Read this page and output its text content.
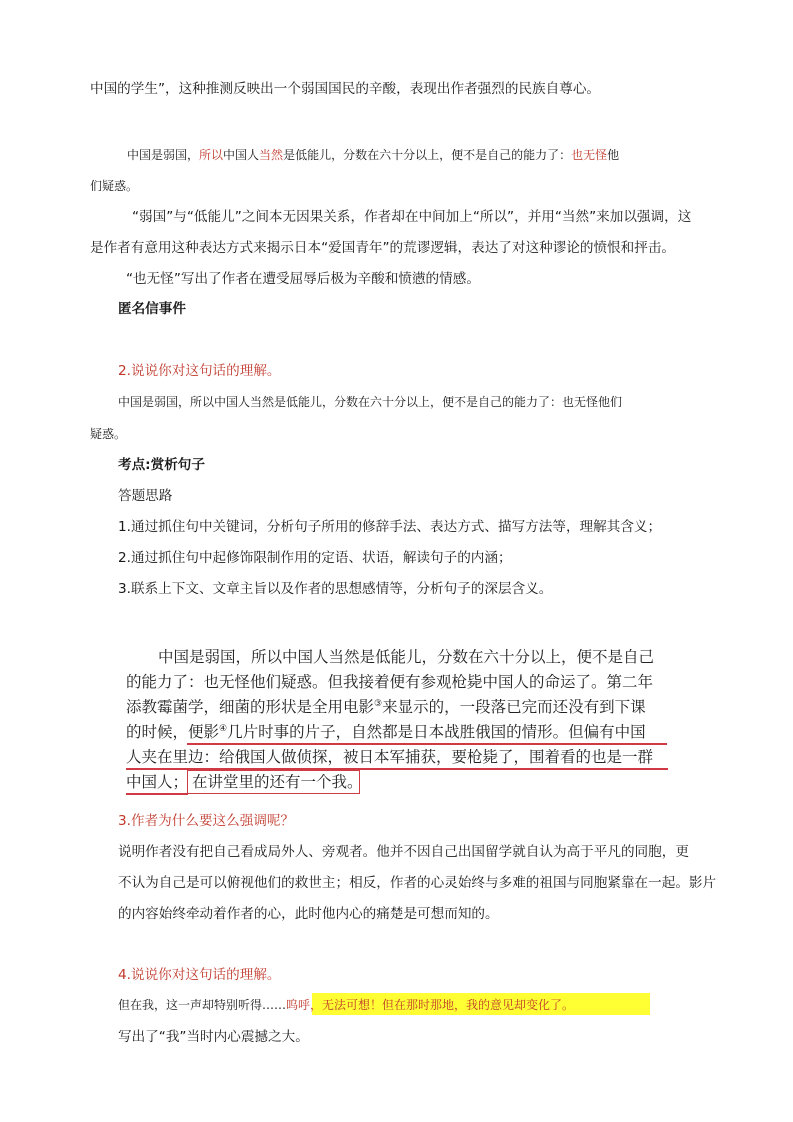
中国的学生”，这种推测反映出一个弱国国民的辛酸，表现出作者强烈的民族自尊心。
中国是弱国，所以中国人当然是低能儿，分数在六十分以上，便不是自己的能力了：也无怪他
们疑惑。
“弱国”与“低能儿”之间本无因果关系，作者却在中间加上“所以”，并用“当然”来加以强调，这
是作者有意用这种表达方式来揭示日本“爱国青年”的荒谬逻辑，表达了对这种谬论的愤恨和抨击。
“也无怪”写出了作者在遭受屈辱后极为辛酸和愤懑的情感。
匿名信事件
2.说说你对这句话的理解。
中国是弱国，所以中国人当然是低能儿，分数在六十分以上，便不是自己的能力了：也无怪他们
疑惑。
考点:赏析句子
答题思路
1.通过抓住句中关键词，分析句子所用的修辞手法、表达方式、描写方法等，理解其含义；
2.通过抓住句中起修饰限制作用的定语、状语，解读句子的内涵；
3.联系上下文、文章主旨以及作者的思想感情等，分析句子的深层含义。
中国是弱国，所以中国人当然是低能儿，分数在六十分以上，便不是自己
的能力了：也无怪他们疑惑。但我接着便有参观枪毙中国人的命运了。第二年
添教霉菌学，细菌的形状是全用电影③来显示的，一段落已完而还没有到下课
的时候，便影④几片时事的片子，自然都是日本战胜俄国的情形。但偏有中国
人夹在里边：给俄国人做侦探，被日本军捕获，要枪毙了，围着看的也是一群
中国人； 在讲堂里的还有一个我。
3.作者为什么要这么强调呢？
说明作者没有把自己看成局外人、旁观者。他并不因自己出国留学就自认为高于平凡的同胞，更
不认为自己是可以俯视他们的救世主；相反，作者的心灵始终与多难的祖国与同胞紧靠在一起。影片
的内容始终牵动着作者的心，此时他内心的痛楚是可想而知的。
4.说说你对这句话的理解。
但在我，这一声却特别听得……呜呼，无法可想！但在那时那地，我的意见却变化了。
写出了“我”当时内心震撼之大。
